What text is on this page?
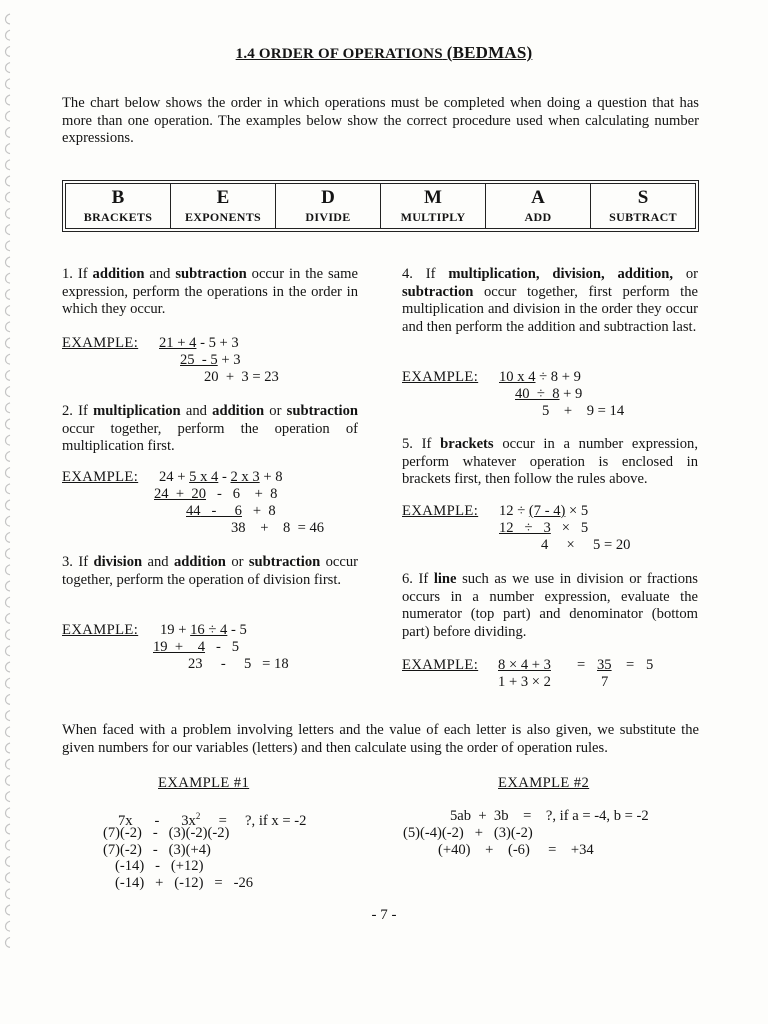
1.4 ORDER OF OPERATIONS (BEDMAS)
The chart below shows the order in which operations must be completed when doing a question that has more than one operation. The examples below show the correct procedure used when calculating number expressions.
B
BRACKETS
E
EXPONENTS
D
DIVIDE
M
MULTIPLY
A
ADD
S
SUBTRACT
1. If addition and subtraction occur in the same expression, perform the operations in the order in which they occur.
EXAMPLE: 21 + 4 - 5 + 3
25  - 5 + 3
20  +  3 = 23
2. If multiplication and addition or subtraction occur together, perform the operation of multiplication first.
EXAMPLE: 24 + 5 x 4 - 2 x 3 + 8
24  +  20   -   6    +  8
44   -     6   +  8
38    +    8  = 46
3. If division and addition or subtraction occur together, perform the operation of division first.
EXAMPLE: 19 + 16 ÷ 4 - 5
19  +    4   -   5
23     -     5   = 18
4. If multiplication, division, addition, or subtraction occur together, first perform the multiplication and division in the order they occur and then perform the addition and subtraction last.
EXAMPLE: 10 x 4 ÷ 8 + 9
40  ÷  8 + 9
5    +    9 = 14
5. If brackets occur in a number expression, perform whatever operation is enclosed in brackets first, then follow the rules above.
EXAMPLE: 12 ÷ (7 - 4) × 5
12   ÷   3   ×   5
4     ×     5 = 20
6. If line such as we use in division or fractions occurs in a number expression, evaluate the numerator (top part) and denominator (bottom part) before dividing.
EXAMPLE: 8 × 4 + 3
1 + 3 × 2
= 35
7
= 5
When faced with a problem involving letters and the value of each letter is also given, we substitute the given numbers for our variables (letters) and then calculate using the order of operation rules.
EXAMPLE #1
7x      -      $3x^2$     =     ?, if x = -2
(7)(-2)   -   (3)(-2)(-2)
(7)(-2)   -   (3)(+4)
(-14)   -   (+12)
(-14)   +   (-12)   =   -26
EXAMPLE #2
5ab  +  3b    =    ?, if a = -4, b = -2
(5)(-4)(-2)   +   (3)(-2)
(+40)    +    (-6)     =    +34
- 7 -
